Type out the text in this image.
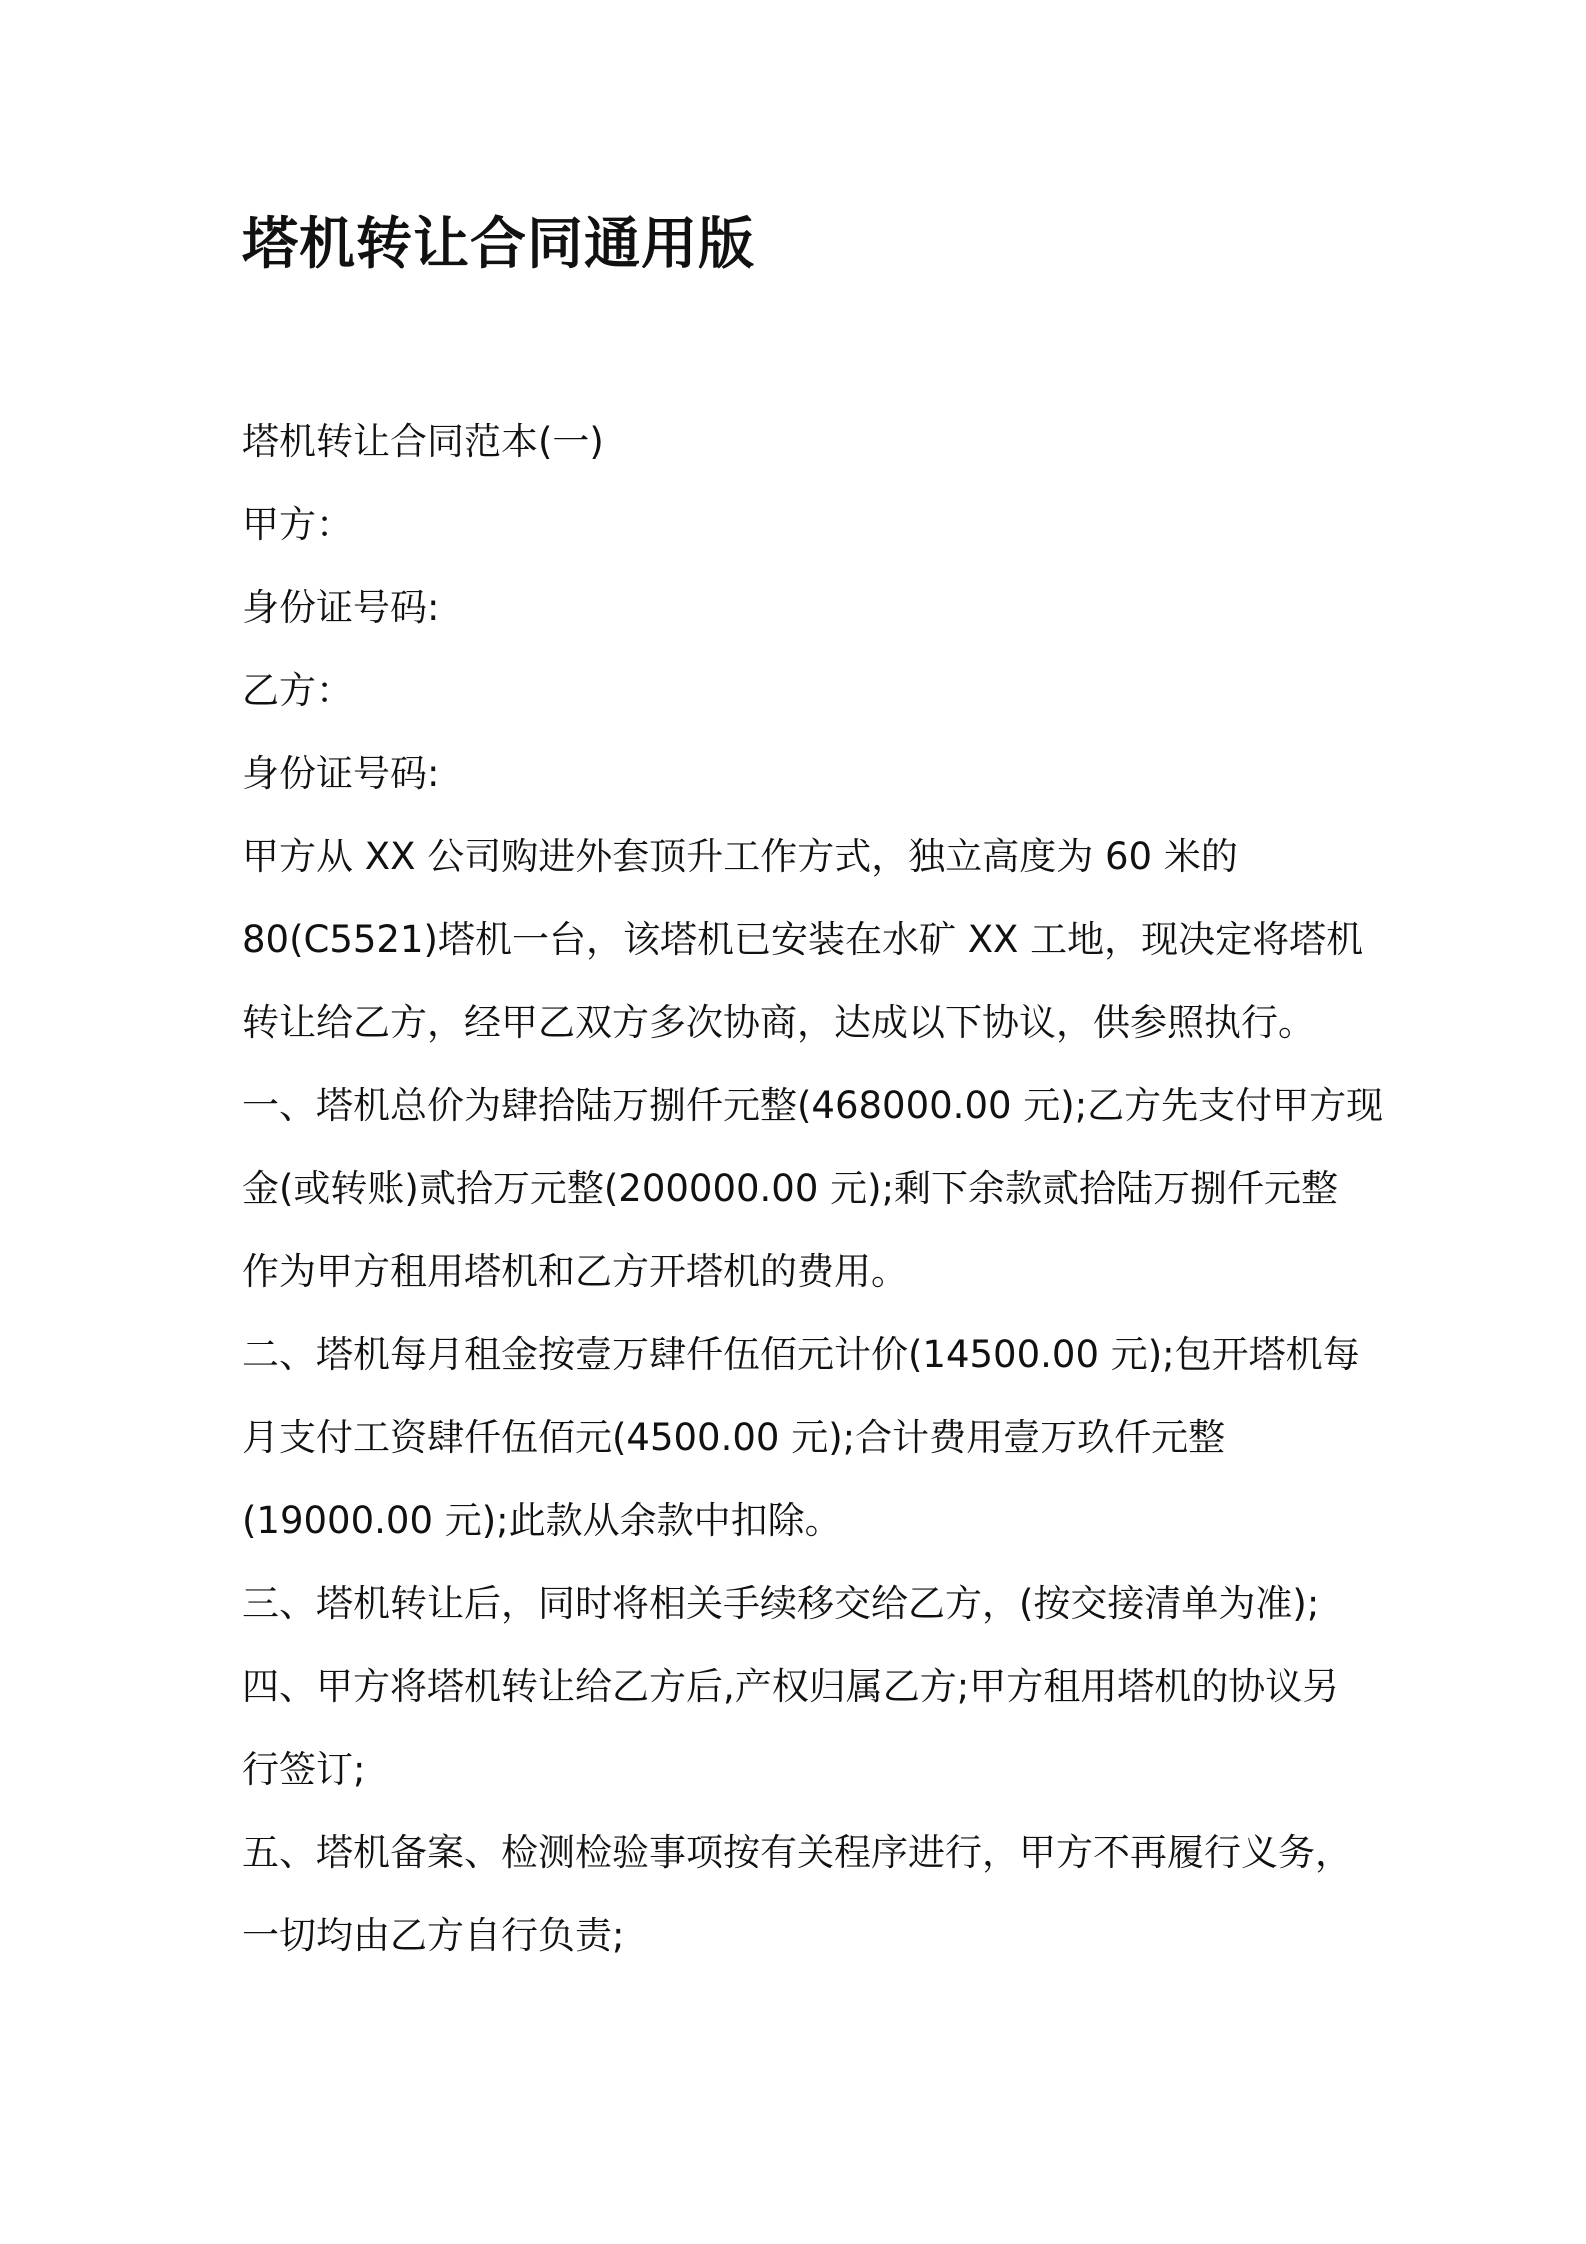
塔机转让合同通用版
塔机转让合同范本(一)
甲方：
身份证号码:
乙方：
身份证号码:
甲方从 XX 公司购进外套顶升工作方式，独立高度为 60 米的
80(C5521)塔机一台，该塔机已安装在水矿 XX 工地，现决定将塔机
转让给乙方，经甲乙双方多次协商，达成以下协议，供参照执行。
一、塔机总价为肆拾陆万捌仟元整(468000.00 元);乙方先支付甲方现
金(或转账)贰拾万元整(200000.00 元);剩下余款贰拾陆万捌仟元整
作为甲方租用塔机和乙方开塔机的费用。
二、塔机每月租金按壹万肆仟伍佰元计价(14500.00 元);包开塔机每
月支付工资肆仟伍佰元(4500.00 元);合计费用壹万玖仟元整
(19000.00 元);此款从余款中扣除。
三、塔机转让后，同时将相关手续移交给乙方，(按交接清单为准);
四、甲方将塔机转让给乙方后,产权归属乙方;甲方租用塔机的协议另
行签订;
五、塔机备案、检测检验事项按有关程序进行，甲方不再履行义务，
一切均由乙方自行负责;
